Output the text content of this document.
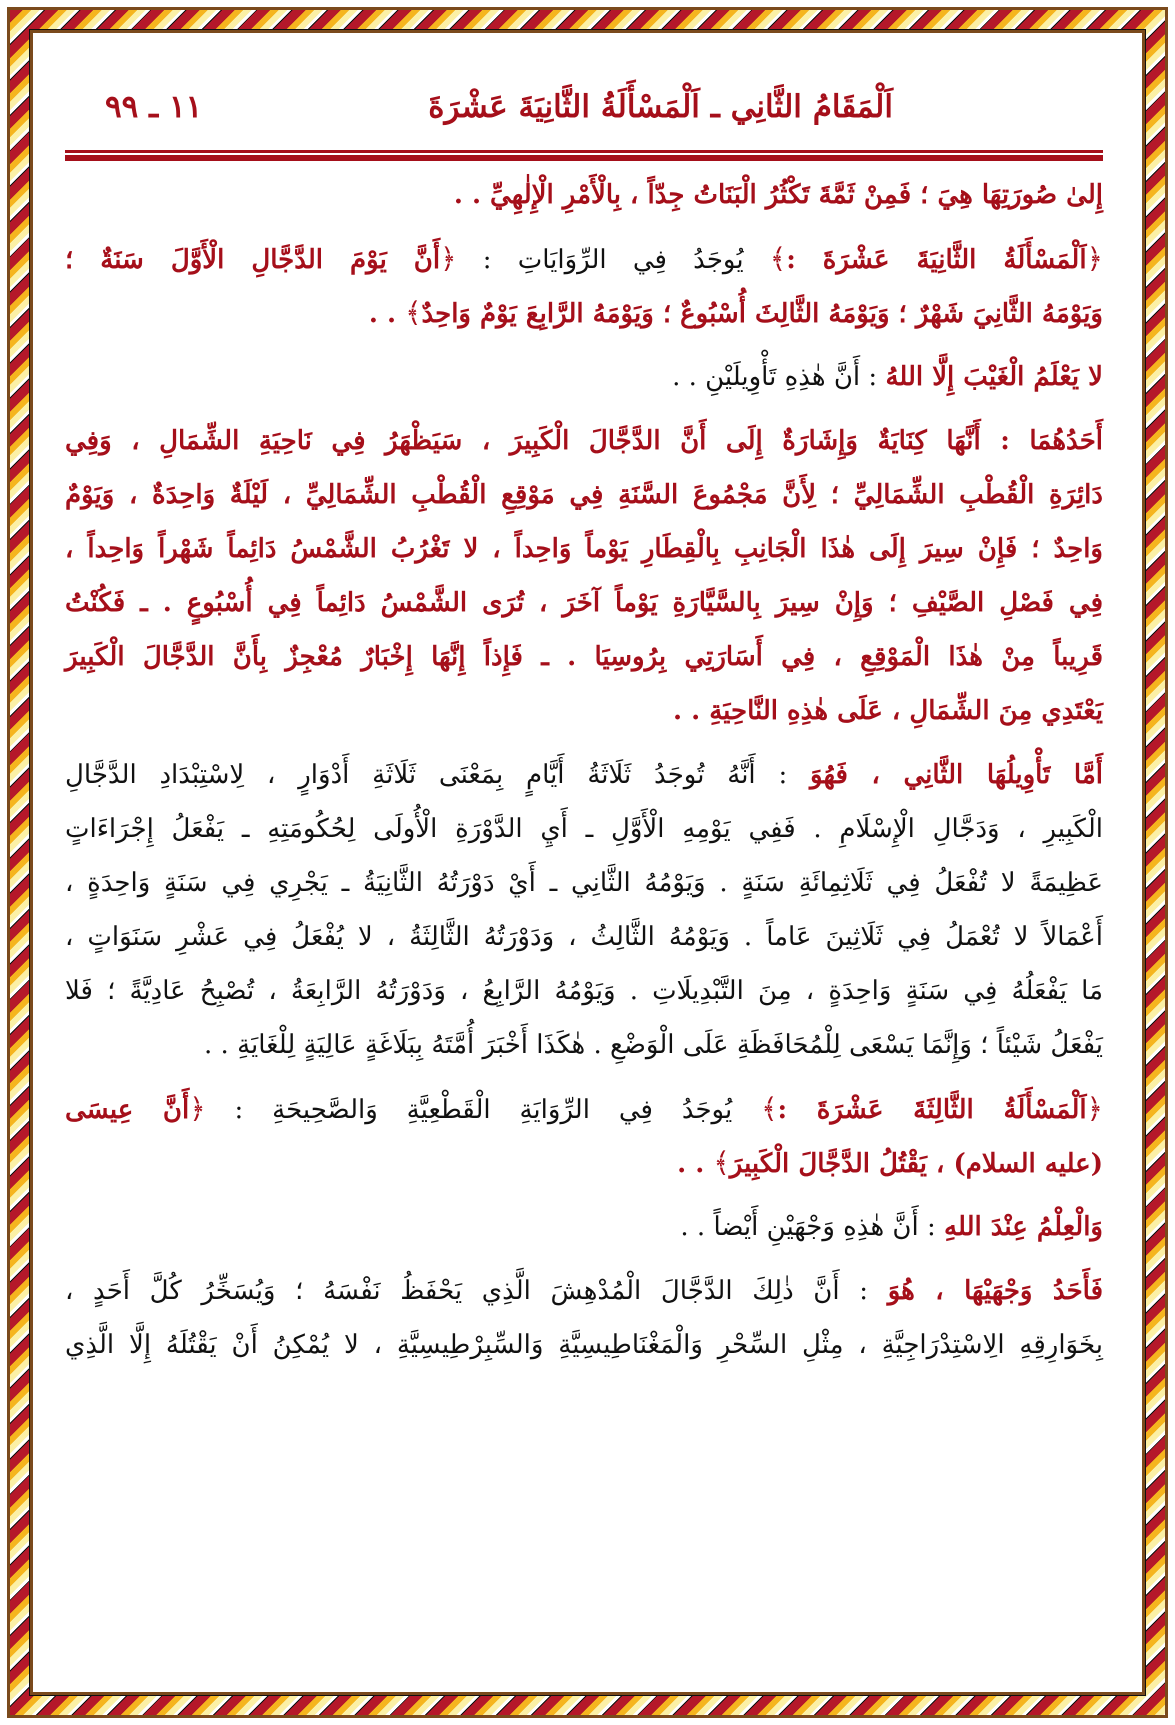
اَلْمَقَامُ الثَّانِي ـ اَلْمَسْأَلَةُ الثَّانِيَةَ عَشْرَةَ
١١ ـ ٩٩
إِلىٰ صُورَتِهَا هِيَ ؛ فَمِنْ ثَمَّةَ تَكْثُرُ الْبَنَاتُ جِدّاً ، بِالْأَمْرِ الْإِلٰهِيِّ . .
﴿اَلْمَسْأَلَةُ الثَّانِيَةَ عَشْرَةَ :﴾ يُوجَدُ فِي الرِّوَايَاتِ : ﴿أَنَّ يَوْمَ الدَّجَّالِ الْأَوَّلَ سَنَةٌ ؛
وَيَوْمَهُ الثَّانِيَ شَهْرٌ ؛ وَيَوْمَهُ الثَّالِثَ أُسْبُوعٌ ؛ وَيَوْمَهُ الرَّابِعَ يَوْمٌ وَاحِدٌ﴾ . .
لا يَعْلَمُ الْغَيْبَ إِلَّا اللهُ : أَنَّ هٰذِهِ تَأْوِيلَيْنِ . .
أَحَدُهُمَا : أَنَّهَا كِنَايَةٌ وَإِشَارَةٌ إِلَى أَنَّ الدَّجَّالَ الْكَبِيرَ ، سَيَظْهَرُ فِي نَاحِيَةِ الشِّمَالِ ، وَفِي
دَائِرَةِ الْقُطْبِ الشِّمَالِيِّ ؛ لِأَنَّ مَجْمُوعَ السَّنَةِ فِي مَوْقِعِ الْقُطْبِ الشِّمَالِيِّ ، لَيْلَةٌ وَاحِدَةٌ ، وَيَوْمٌ
وَاحِدٌ ؛ فَإِنْ سِيرَ إِلَى هٰذَا الْجَانِبِ بِالْقِطَارِ يَوْماً وَاحِداً ، لا تَغْرُبُ الشَّمْسُ دَائِماً شَهْراً وَاحِداً ،
فِي فَصْلِ الصَّيْفِ ؛ وَإِنْ سِيرَ بِالسَّيَّارَةِ يَوْماً آخَرَ ، تُرَى الشَّمْسُ دَائِماً فِي أُسْبُوعٍ . ـ فَكُنْتُ
قَرِيباً مِنْ هٰذَا الْمَوْقِعِ ، فِي أَسَارَتِي بِرُوسِيَا . ـ فَإِذاً إِنَّهَا إِخْبَارٌ مُعْجِزٌ بِأَنَّ الدَّجَّالَ الْكَبِيرَ
يَعْتَدِي مِنَ الشِّمَالِ ، عَلَى هٰذِهِ النَّاحِيَةِ . .
أَمَّا تَأْوِيلُهَا الثَّانِي ، فَهُوَ : أَنَّهُ تُوجَدُ ثَلَاثَةُ أَيَّامٍ بِمَعْنَى ثَلَاثَةِ أَدْوَارٍ ، لِاسْتِبْدَادِ الدَّجَّالِ
الْكَبِيرِ ، وَدَجَّالِ الْإِسْلَامِ . فَفِي يَوْمِهِ الْأَوَّلِ ـ أَيِ الدَّوْرَةِ الْأُولَى لِحُكُومَتِهِ ـ يَفْعَلُ إِجْرَاءَاتٍ
عَظِيمَةً لا تُفْعَلُ فِي ثَلَاثِمِائَةِ سَنَةٍ . وَيَوْمُهُ الثَّانِي ـ أَيْ دَوْرَتُهُ الثَّانِيَةُ ـ يَجْرِي فِي سَنَةٍ وَاحِدَةٍ ،
أَعْمَالاً لا تُعْمَلُ فِي ثَلَاثِينَ عَاماً . وَيَوْمُهُ الثَّالِثُ ، وَدَوْرَتُهُ الثَّالِثَةُ ، لا يُفْعَلُ فِي عَشْرِ سَنَوَاتٍ ،
مَا يَفْعَلُهُ فِي سَنَةٍ وَاحِدَةٍ ، مِنَ التَّبْدِيلَاتِ . وَيَوْمُهُ الرَّابِعُ ، وَدَوْرَتُهُ الرَّابِعَةُ ، تُصْبِحُ عَادِيَّةً ؛ فَلا
يَفْعَلُ شَيْئاً ؛ وَإِنَّمَا يَسْعَى لِلْمُحَافَظَةِ عَلَى الْوَضْعِ . هٰكَذَا أَخْبَرَ أُمَّتَهُ بِبَلَاغَةٍ عَالِيَةٍ لِلْغَايَةِ . .
﴿اَلْمَسْأَلَةُ الثَّالِثَةَ عَشْرَةَ :﴾ يُوجَدُ فِي الرِّوَايَةِ الْقَطْعِيَّةِ وَالصَّحِيحَةِ : ﴿أَنَّ عِيسَى
(عليه السلام) ، يَقْتُلُ الدَّجَّالَ الْكَبِيرَ﴾ . .
وَالْعِلْمُ عِنْدَ اللهِ : أَنَّ هٰذِهِ وَجْهَيْنِ أَيْضاً . .
فَأَحَدُ وَجْهَيْهَا ، هُوَ : أَنَّ ذٰلِكَ الدَّجَّالَ الْمُدْهِشَ الَّذِي يَحْفَظُ نَفْسَهُ ؛ وَيُسَخِّرُ كُلَّ أَحَدٍ ،
بِخَوَارِقِهِ الِاسْتِدْرَاجِيَّةِ ، مِثْلِ السِّحْرِ وَالْمَغْنَاطِيسِيَّةِ وَالسِّبِرْطِيسِيَّةِ ، لا يُمْكِنُ أَنْ يَقْتُلَهُ إِلَّا الَّذِي
